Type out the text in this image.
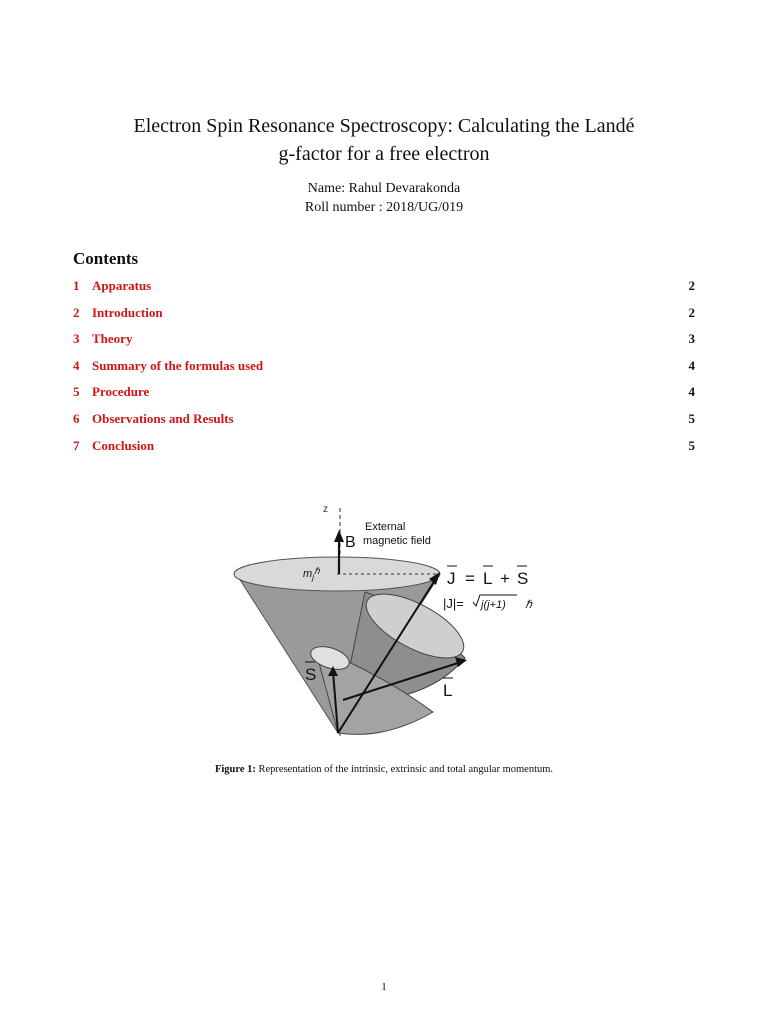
Electron Spin Resonance Spectroscopy: Calculating the Landé
g-factor for a free electron
Name: Rahul Devarakonda
Roll number : 2018/UG/019
Contents
1 Apparatus	2
2 Introduction	2
3 Theory	3
4 Summary of the formulas used	4
5 Procedure	4
6 Observations and Results	5
7 Conclusion	5
z
B
External
magnetic field
$m_j^\hbar$	J = L + S
|J|= j(j+1) ℏ
L
S
Figure 1: Representation of the intrinsic, extrinsic and total angular momentum.
1
